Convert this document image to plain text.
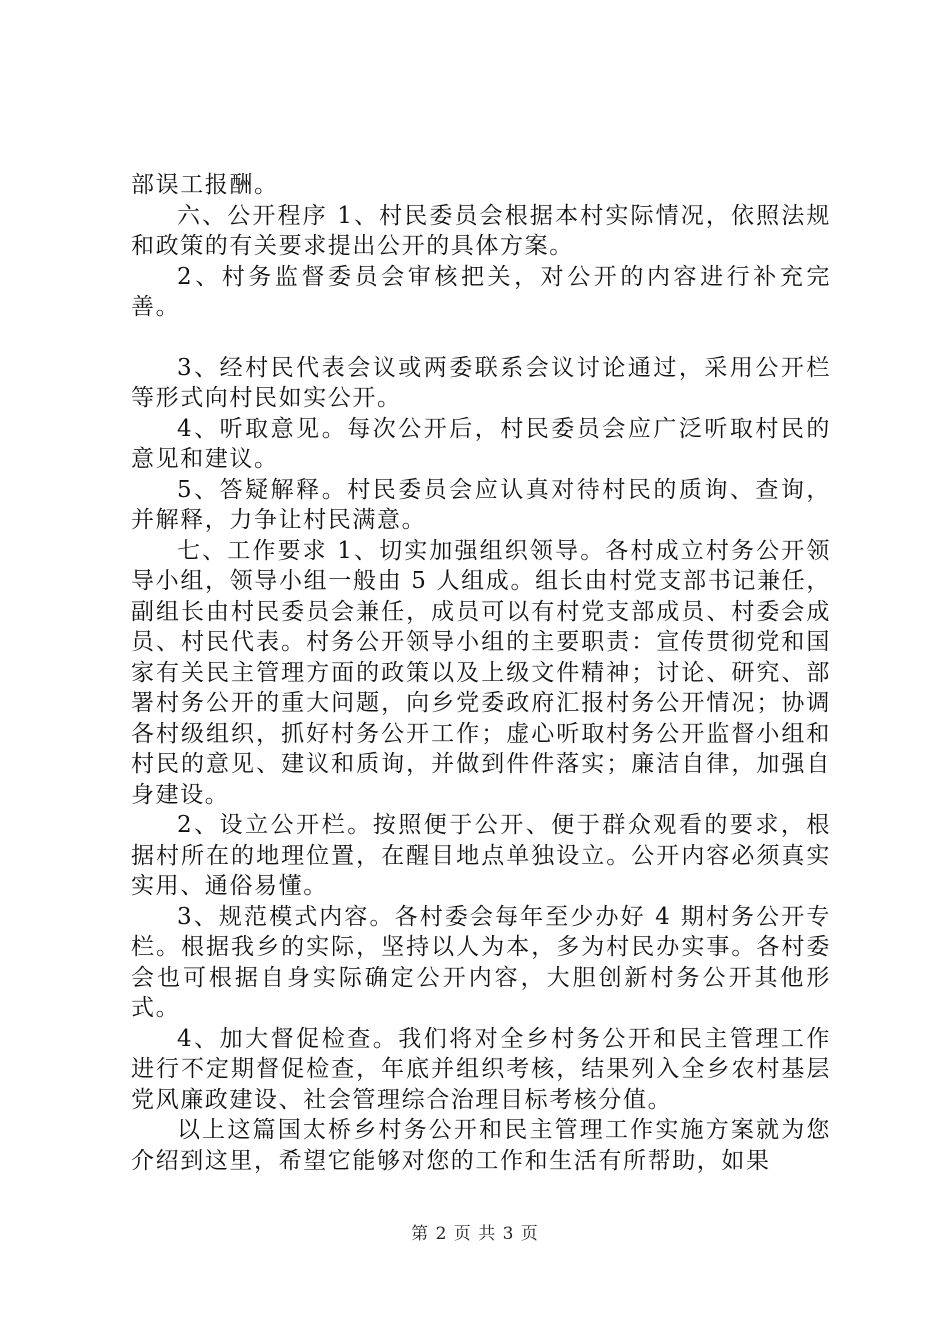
部误工报酬。

六、公开程序 1、村民委员会根据本村实际情况，依照法规和政策的有关要求提出公开的具体方案。

2、村务监督委员会审核把关，对公开的内容进行补充完善。

3、经村民代表会议或两委联系会议讨论通过，采用公开栏等形式向村民如实公开。

4、听取意见。每次公开后，村民委员会应广泛听取村民的意见和建议。

5、答疑解释。村民委员会应认真对待村民的质询、查询，并解释，力争让村民满意。

七、工作要求 1、切实加强组织领导。各村成立村务公开领导小组，领导小组一般由 5 人组成。组长由村党支部书记兼任，副组长由村民委员会兼任，成员可以有村党支部成员、村委会成员、村民代表。村务公开领导小组的主要职责：宣传贯彻党和国家有关民主管理方面的政策以及上级文件精神；讨论、研究、部署村务公开的重大问题，向乡党委政府汇报村务公开情况；协调各村级组织，抓好村务公开工作；虚心听取村务公开监督小组和村民的意见、建议和质询，并做到件件落实；廉洁自律，加强自身建设。

2、设立公开栏。按照便于公开、便于群众观看的要求，根据村所在的地理位置，在醒目地点单独设立。公开内容必须真实实用、通俗易懂。

3、规范模式内容。各村委会每年至少办好 4 期村务公开专栏。根据我乡的实际，坚持以人为本，多为村民办实事。各村委会也可根据自身实际确定公开内容，大胆创新村务公开其他形式。

4、加大督促检查。我们将对全乡村务公开和民主管理工作进行不定期督促检查，年底并组织考核，结果列入全乡农村基层党风廉政建设、社会管理综合治理目标考核分值。

以上这篇国太桥乡村务公开和民主管理工作实施方案就为您介绍到这里，希望它能够对您的工作和生活有所帮助，如果

第 2 页 共 3 页
